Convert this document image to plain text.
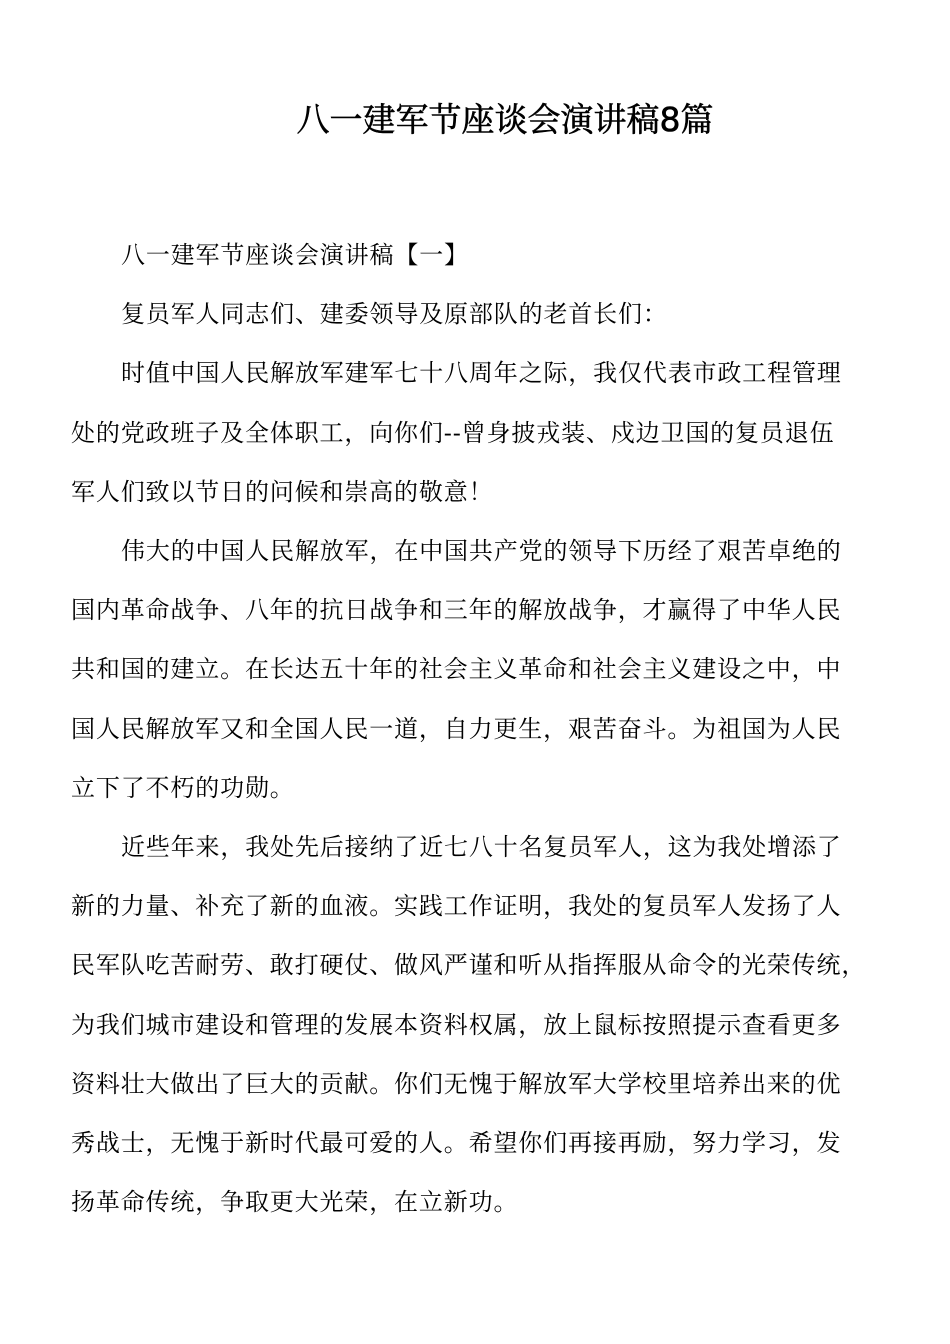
八一建军节座谈会演讲稿8篇
八一建军节座谈会演讲稿【一】
复员军人同志们、建委领导及原部队的老首长们：
时值中国人民解放军建军七十八周年之际，我仅代表市政工程管理
处的党政班子及全体职工，向你们--曾身披戎装、戍边卫国的复员退伍
军人们致以节日的问候和崇高的敬意！
伟大的中国人民解放军，在中国共产党的领导下历经了艰苦卓绝的
国内革命战争、八年的抗日战争和三年的解放战争，才赢得了中华人民
共和国的建立。在长达五十年的社会主义革命和社会主义建设之中，中
国人民解放军又和全国人民一道，自力更生，艰苦奋斗。为祖国为人民
立下了不朽的功勋。
近些年来，我处先后接纳了近七八十名复员军人，这为我处增添了
新的力量、补充了新的血液。实践工作证明，我处的复员军人发扬了人
民军队吃苦耐劳、敢打硬仗、做风严谨和听从指挥服从命令的光荣传统，
为我们城市建设和管理的发展本资料权属，放上鼠标按照提示查看更多
资料壮大做出了巨大的贡献。你们无愧于解放军大学校里培养出来的优
秀战士，无愧于新时代最可爱的人。希望你们再接再励，努力学习，发
扬革命传统，争取更大光荣，在立新功。
